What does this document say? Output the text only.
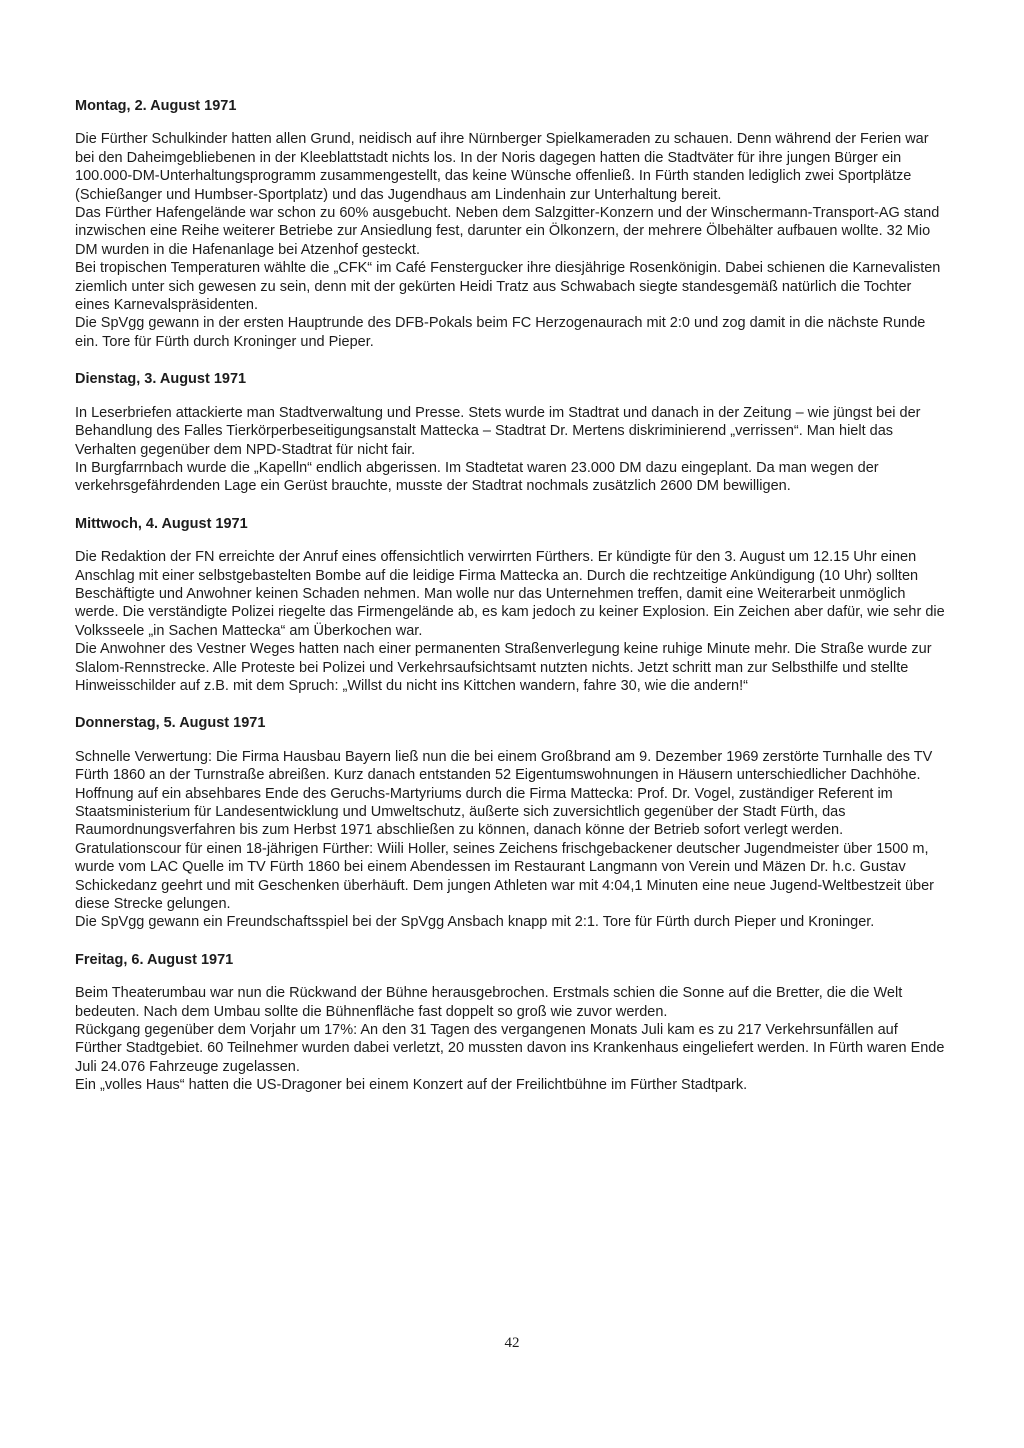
Montag, 2. August 1971

Die Fürther Schulkinder hatten allen Grund, neidisch auf ihre Nürnberger Spielkameraden zu schauen. Denn während der Ferien war bei den Daheimgebliebenen in der Kleeblattstadt nichts los. In der Noris dagegen hatten die Stadtväter für ihre jungen Bürger ein 100.000-DM-Unterhaltungsprogramm zusammengestellt, das keine Wünsche offenließ. In Fürth standen lediglich zwei Sportplätze (Schießanger und Humbser-Sportplatz) und das Jugendhaus am Lindenhain zur Unterhaltung bereit.

Das Fürther Hafengelände war schon zu 60% ausgebucht. Neben dem Salzgitter-Konzern und der Winschermann-Transport-AG stand inzwischen eine Reihe weiterer Betriebe zur Ansiedlung fest, darunter ein Ölkonzern, der mehrere Ölbehälter aufbauen wollte. 32 Mio DM wurden in die Hafenanlage bei Atzenhof gesteckt.

Bei tropischen Temperaturen wählte die „CFK“ im Café Fenstergucker ihre diesjährige Rosenkönigin. Dabei schienen die Karnevalisten ziemlich unter sich gewesen zu sein, denn mit der gekürten Heidi Tratz aus Schwabach siegte standesgemäß natürlich die Tochter eines Karnevalspräsidenten.

Die SpVgg gewann in der ersten Hauptrunde des DFB-Pokals beim FC Herzogenaurach mit 2:0 und zog damit in die nächste Runde ein. Tore für Fürth durch Kroninger und Pieper.

Dienstag, 3. August 1971

In Leserbriefen attackierte man Stadtverwaltung und Presse. Stets wurde im Stadtrat und danach in der Zeitung – wie jüngst bei der Behandlung des Falles Tierkörperbeseitigungsanstalt Mattecka – Stadtrat Dr. Mertens diskriminierend „verrissen“. Man hielt das Verhalten gegenüber dem NPD-Stadtrat für nicht fair.

In Burgfarrnbach wurde die „Kapelln“ endlich abgerissen. Im Stadtetat waren 23.000 DM dazu eingeplant. Da man wegen der verkehrsgefährdenden Lage ein Gerüst brauchte, musste der Stadtrat nochmals zusätzlich 2600 DM bewilligen.

Mittwoch, 4. August 1971

Die Redaktion der FN erreichte der Anruf eines offensichtlich verwirrten Fürthers. Er kündigte für den 3. August um 12.15 Uhr einen Anschlag mit einer selbstgebastelten Bombe auf die leidige Firma Mattecka an. Durch die rechtzeitige Ankündigung (10 Uhr) sollten Beschäftigte und Anwohner keinen Schaden nehmen. Man wolle nur das Unternehmen treffen, damit eine Weiterarbeit unmöglich werde. Die verständigte Polizei riegelte das Firmengelände ab, es kam jedoch zu keiner Explosion. Ein Zeichen aber dafür, wie sehr die Volksseele „in Sachen Mattecka“ am Überkochen war.

Die Anwohner des Vestner Weges hatten nach einer permanenten Straßenverlegung keine ruhige Minute mehr. Die Straße wurde zur Slalom-Rennstrecke. Alle Proteste bei Polizei und Verkehrsaufsichtsamt nutzten nichts. Jetzt schritt man zur Selbsthilfe und stellte Hinweisschilder auf z.B. mit dem Spruch: „Willst du nicht ins Kittchen wandern, fahre 30, wie die andern!“

Donnerstag, 5. August 1971

Schnelle Verwertung: Die Firma Hausbau Bayern ließ nun die bei einem Großbrand am 9. Dezember 1969 zerstörte Turnhalle des TV Fürth 1860 an der Turnstraße abreißen. Kurz danach entstanden 52 Eigentumswohnungen in Häusern unterschiedlicher Dachhöhe.

Hoffnung auf ein absehbares Ende des Geruchs-Martyriums durch die Firma Mattecka: Prof. Dr. Vogel, zuständiger Referent im Staatsministerium für Landesentwicklung und Umweltschutz, äußerte sich zuversichtlich gegenüber der Stadt Fürth, das Raumordnungsverfahren bis zum Herbst 1971 abschließen zu können, danach könne der Betrieb sofort verlegt werden.

Gratulationscour für einen 18-jährigen Fürther: Wiili Holler, seines Zeichens frischgebackener deutscher Jugendmeister über 1500 m, wurde vom LAC Quelle im TV Fürth 1860 bei einem Abendessen im Restaurant Langmann von Verein und Mäzen Dr. h.c. Gustav Schickedanz geehrt und mit Geschenken überhäuft. Dem jungen Athleten war mit 4:04,1 Minuten eine neue Jugend-Weltbestzeit über diese Strecke gelungen.

Die SpVgg gewann ein Freundschaftsspiel bei der SpVgg Ansbach knapp mit 2:1. Tore für Fürth durch Pieper und Kroninger.

Freitag, 6. August 1971

Beim Theaterumbau war nun die Rückwand der Bühne herausgebrochen. Erstmals schien die Sonne auf die Bretter, die die Welt bedeuten. Nach dem Umbau sollte die Bühnenfläche fast doppelt so groß wie zuvor werden.

Rückgang gegenüber dem Vorjahr um 17%: An den 31 Tagen des vergangenen Monats Juli kam es zu 217 Verkehrsunfällen auf Fürther Stadtgebiet. 60 Teilnehmer wurden dabei verletzt, 20 mussten davon ins Krankenhaus eingeliefert werden. In Fürth waren Ende Juli 24.076 Fahrzeuge zugelassen.

Ein „volles Haus“ hatten die US-Dragoner bei einem Konzert auf der Freilichtbühne im Fürther Stadtpark.

42
